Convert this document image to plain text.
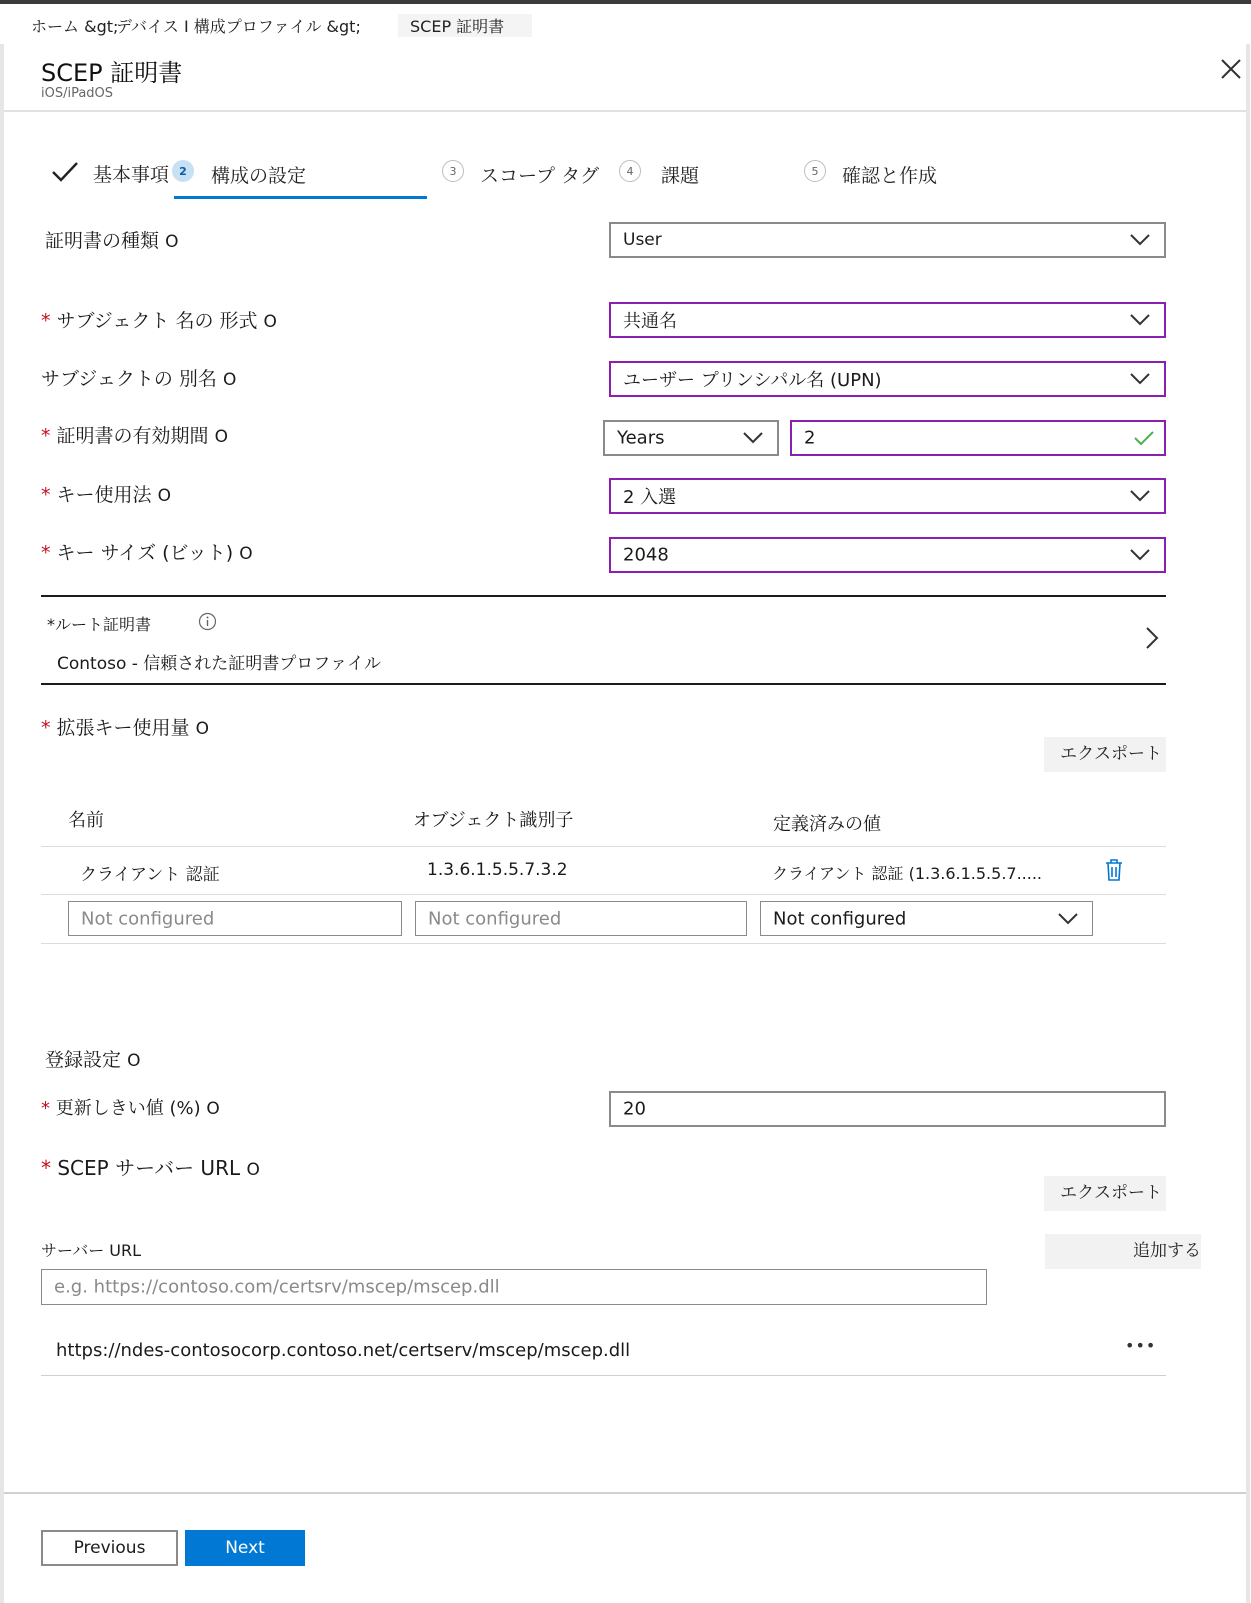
ホーム &gt;
デバイス I 構成プロファイル &gt;	SCEP 証明書
SCEP 証明書
iOS/iPadOS
基本事項 2	構成の設定	3	スコープ タグ	4	課題	5	確認と作成
証明書の種類 O	User
* サブジェクト 名の 形式 O	共通名
サブジェクトの 別名 O	ユーザー プリンシパル名 (UPN)
* 証明書の有効期間 O	Years	2
* キー使用法 O	2 入選
* キー サイズ (ビット) O	2048
*ルート証明書
Contoso - 信頼された証明書プロファイル
* 拡張キー使用量 O
エクスポート
名前	オブジェクト識別子	定義済みの値
クライアント 認証	1.3.6.1.5.5.7.3.2	クライアント 認証 (1.3.6.1.5.5.7.....
Not configured	Not configured	Not configured
登録設定 O
* 更新しきい値 (%) O	20
* SCEP サーバー URL O
エクスポート
サーバー URL	追加する
e.g. https://contoso.com/certsrv/mscep/mscep.dll
https://ndes-contosocorp.contoso.net/certserv/mscep/mscep.dll	•••
Previous	Next
